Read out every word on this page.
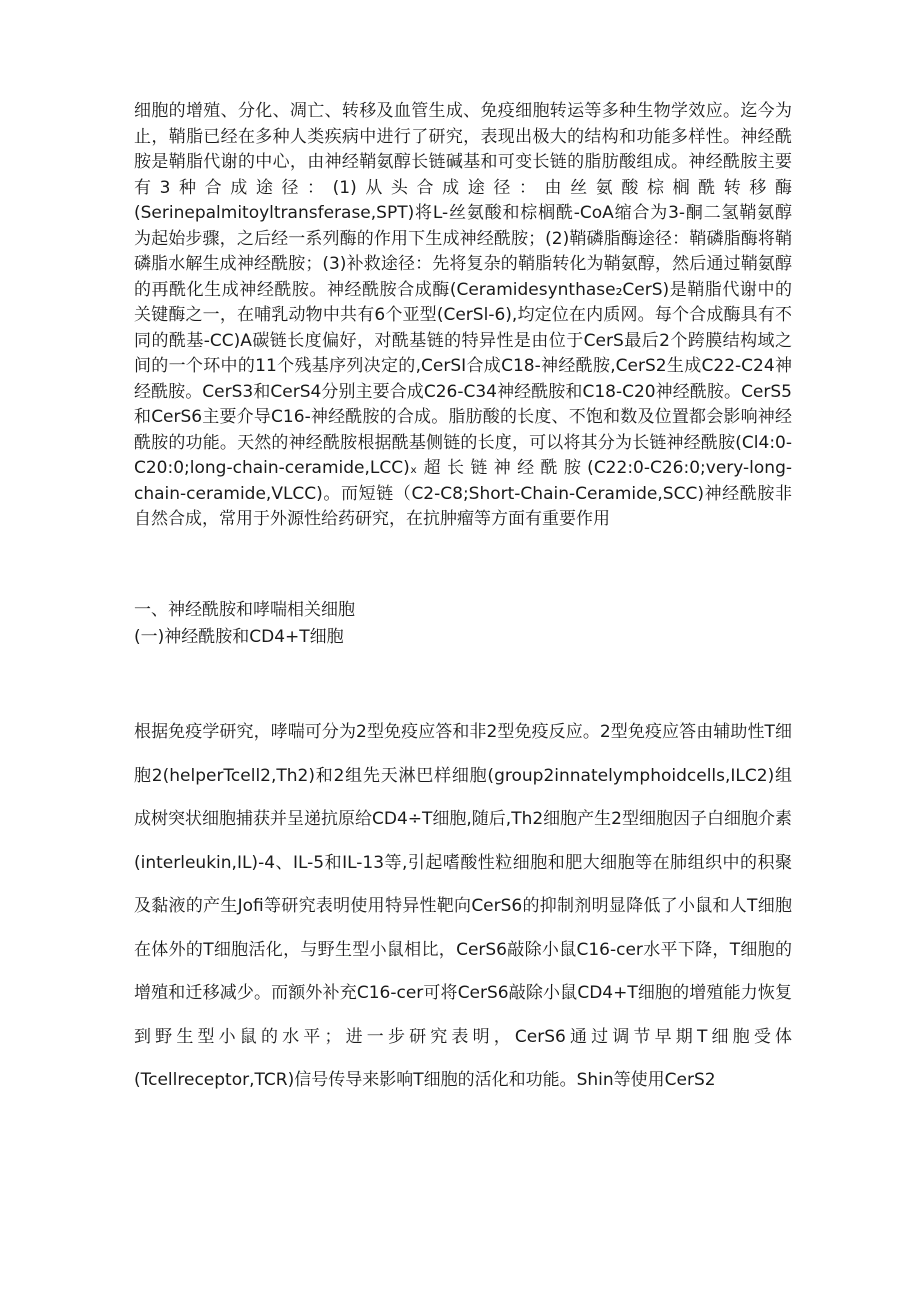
细胞的增殖、分化、凋亡、转移及血管生成、免疫细胞转运等多种生物学效应。迄今为止，鞘脂已经在多种人类疾病中进行了研究，表现出极大的结构和功能多样性。神经酰胺是鞘脂代谢的中心，由神经鞘氨醇长链碱基和可变长链的脂肪酸组成。神经酰胺主要有3种合成途径：(1)从头合成途径：由丝氨酸棕榈酰转移酶(Serinepalmitoyltransferase,SPT)将L-丝氨酸和棕榈酰-CoA缩合为3-酮二氢鞘氨醇为起始步骤，之后经一系列酶的作用下生成神经酰胺；(2)鞘磷脂酶途径：鞘磷脂酶将鞘磷脂水解生成神经酰胺；(3)补救途径：先将复杂的鞘脂转化为鞘氨醇，然后通过鞘氨醇的再酰化生成神经酰胺。神经酰胺合成酶(Ceramidesynthase₂CerS)是鞘脂代谢中的关键酶之一，在哺乳动物中共有6个亚型(CerSl-6),均定位在内质网。每个合成酶具有不同的酰基-CC)A碳链长度偏好，对酰基链的特异性是由位于CerS最后2个跨膜结构域之间的一个环中的11个残基序列决定的,CerSI合成C18-神经酰胺,CerS2生成C22-C24神经酰胺。CerS3和CerS4分别主要合成C26-C34神经酰胺和C18-C20神经酰胺。CerS5和CerS6主要介导C16-神经酰胺的合成。脂肪酸的长度、不饱和数及位置都会影响神经酰胺的功能。天然的神经酰胺根据酰基侧链的长度，可以将其分为长链神经酰胺(Cl4:0-C20:0;long-chain-ceramide,LCC)ₓ超长链神经酰胺(C22:0-C26:0;very-long-chain-ceramide,VLCC)。而短链（C2-C8;Short-Chain-Ceramide,SCC)神经酰胺非自然合成，常用于外源性给药研究，在抗肿瘤等方面有重要作用

一、神经酰胺和哮喘相关细胞
(一)神经酰胺和CD4+T细胞

根据免疫学研究，哮喘可分为2型免疫应答和非2型免疫反应。2型免疫应答由辅助性T细胞2(helperTcell2,Th2)和2组先天淋巴样细胞(group2innatelymphoidcells,ILC2)组成树突状细胞捕获并呈递抗原给CD4÷T细胞,随后,Th2细胞产生2型细胞因子白细胞介素(interleukin,IL)-4、IL-5和IL-13等,引起嗜酸性粒细胞和肥大细胞等在肺组织中的积聚及黏液的产生Jofi等研究表明使用特异性靶向CerS6的抑制剂明显降低了小鼠和人T细胞在体外的T细胞活化，与野生型小鼠相比，CerS6敲除小鼠C16-cer水平下降，T细胞的增殖和迁移减少。而额外补充C16-cer可将CerS6敲除小鼠CD4+T细胞的增殖能力恢复到野生型小鼠的水平；进一步研究表明，CerS6通过调节早期T细胞受体(Tcellreceptor,TCR)信号传导来影响T细胞的活化和功能。Shin等使用CerS2
